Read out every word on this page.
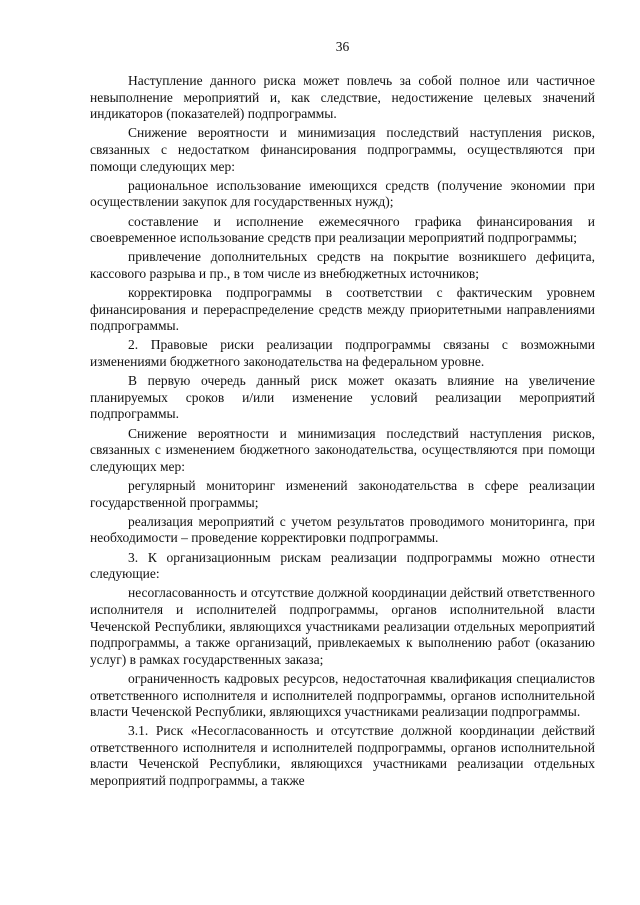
36

Наступление данного риска может повлечь за собой полное или частичное невыполнение мероприятий и, как следствие, недостижение целевых значений индикаторов (показателей) подпрограммы.

Снижение вероятности и минимизация последствий наступления рисков, связанных с недостатком финансирования подпрограммы, осуществляются при помощи следующих мер:

рациональное использование имеющихся средств (получение экономии при осуществлении закупок для государственных нужд);

составление и исполнение ежемесячного графика финансирования и своевременное использование средств при реализации мероприятий подпрограммы;

привлечение дополнительных средств на покрытие возникшего дефицита, кассового разрыва и пр., в том числе из внебюджетных источников;

корректировка подпрограммы в соответствии с фактическим уровнем финансирования и перераспределение средств между приоритетными направлениями подпрограммы.

2. Правовые риски реализации подпрограммы связаны с возможными изменениями бюджетного законодательства на федеральном уровне.

В первую очередь данный риск может оказать влияние на увеличение планируемых сроков и/или изменение условий реализации мероприятий подпрограммы.

Снижение вероятности и минимизация последствий наступления рисков, связанных с изменением бюджетного законодательства, осуществляются при помощи следующих мер:

регулярный мониторинг изменений законодательства в сфере реализации государственной программы;

реализация мероприятий с учетом результатов проводимого мониторинга, при необходимости – проведение корректировки подпрограммы.

3. К организационным рискам реализации подпрограммы можно отнести следующие:

несогласованность и отсутствие должной координации действий ответственного исполнителя и исполнителей подпрограммы, органов исполнительной власти Чеченской Республики, являющихся участниками реализации отдельных мероприятий подпрограммы, а также организаций, привлекаемых к выполнению работ (оказанию услуг) в рамках государственных заказа;

ограниченность кадровых ресурсов, недостаточная квалификация специалистов ответственного исполнителя и исполнителей подпрограммы, органов исполнительной власти Чеченской Республики, являющихся участниками реализации подпрограммы.

3.1. Риск «Несогласованность и отсутствие должной координации действий ответственного исполнителя и исполнителей подпрограммы, органов исполнительной власти Чеченской Республики, являющихся участниками реализации отдельных мероприятий подпрограммы, а также
